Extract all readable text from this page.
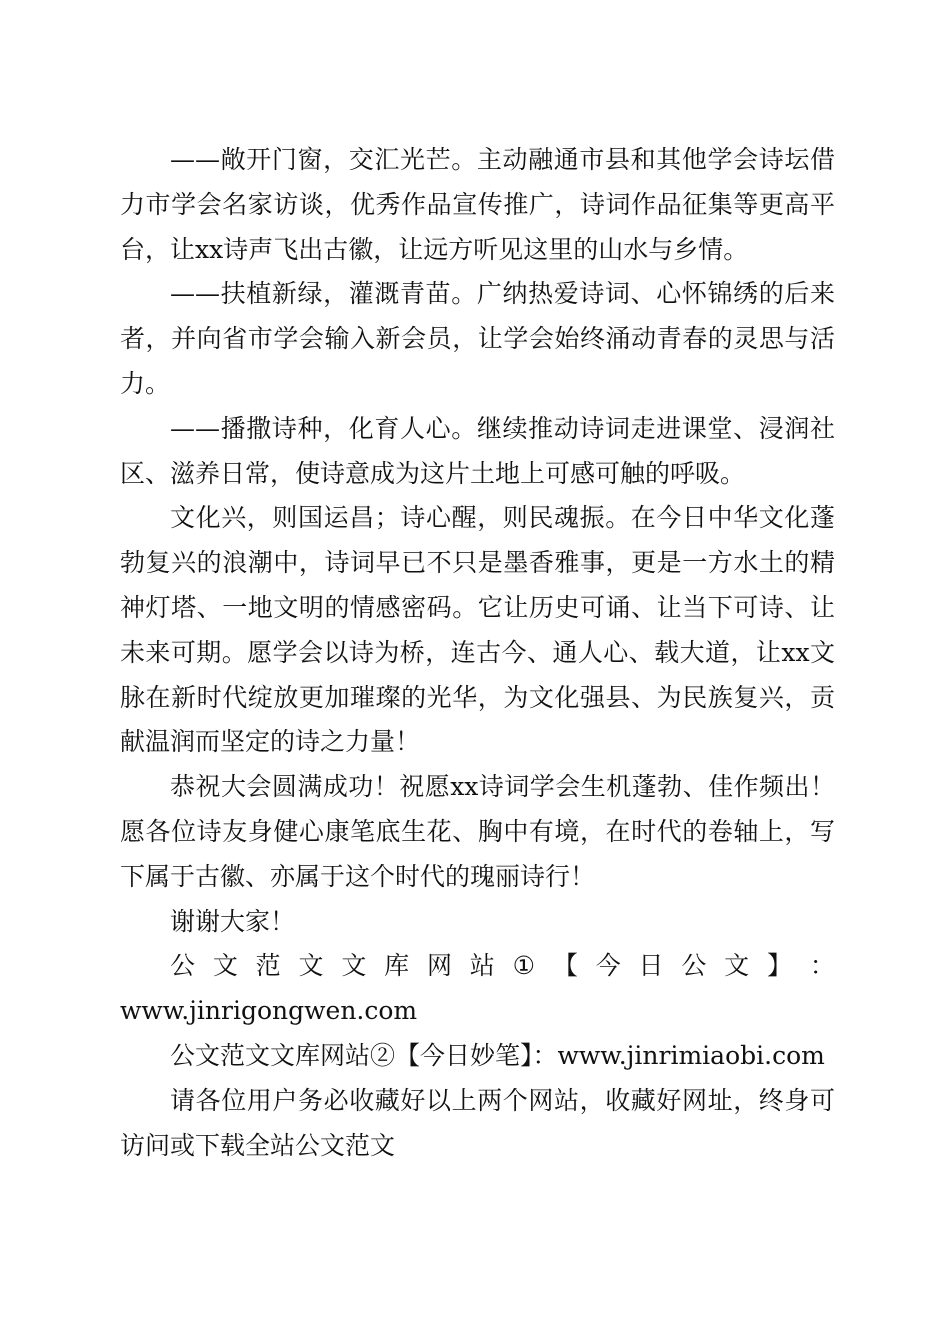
——敞开门窗，交汇光芒。主动融通市县和其他学会诗坛借力市学会名家访谈，优秀作品宣传推广，诗词作品征集等更高平台，让xx诗声飞出古徽，让远方听见这里的山水与乡情。

——扶植新绿，灌溉青苗。广纳热爱诗词、心怀锦绣的后来者，并向省市学会输入新会员，让学会始终涌动青春的灵思与活力。

——播撒诗种，化育人心。继续推动诗词走进课堂、浸润社区、滋养日常，使诗意成为这片土地上可感可触的呼吸。

文化兴，则国运昌；诗心醒，则民魂振。在今日中华文化蓬勃复兴的浪潮中，诗词早已不只是墨香雅事，更是一方水土的精神灯塔、一地文明的情感密码。它让历史可诵、让当下可诗、让未来可期。愿学会以诗为桥，连古今、通人心、载大道，让xx文脉在新时代绽放更加璀璨的光华，为文化强县、为民族复兴，贡献温润而坚定的诗之力量！

恭祝大会圆满成功！祝愿xx诗词学会生机蓬勃、佳作频出！愿各位诗友身健心康笔底生花、胸中有境，在时代的卷轴上，写下属于古徽、亦属于这个时代的瑰丽诗行！

谢谢大家！

公 文 范 文 文 库 网 站 ① 【 今 日 公 文 】 ：
www.jinrigongwen.com

公文范文文库网站②【今日妙笔】：www.jinrimiaobi.com

请各位用户务必收藏好以上两个网站，收藏好网址，终身可访问或下载全站公文范文
